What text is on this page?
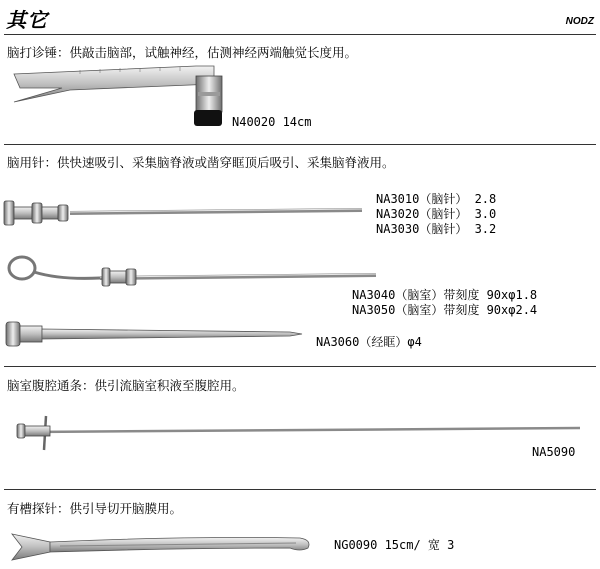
其它	NODZ
脑打诊锤：供敲击脑部，试触神经，估测神经两端触觉长度用。
N40020 14cm
脑用针：供快速吸引、采集脑脊液或凿穿眶顶后吸引、采集脑脊液用。
NA3010（脑针） 2.8
NA3020（脑针） 3.0
NA3030（脑针） 3.2
NA3040（脑室）带刻度 90xφ1.8
NA3050（脑室）带刻度 90xφ2.4
NA3060（经眶）φ4
脑室腹腔通条：供引流脑室积液至腹腔用。
NA5090
有槽探针：供引导切开脑膜用。
NG0090 15cm/ 宽 3
